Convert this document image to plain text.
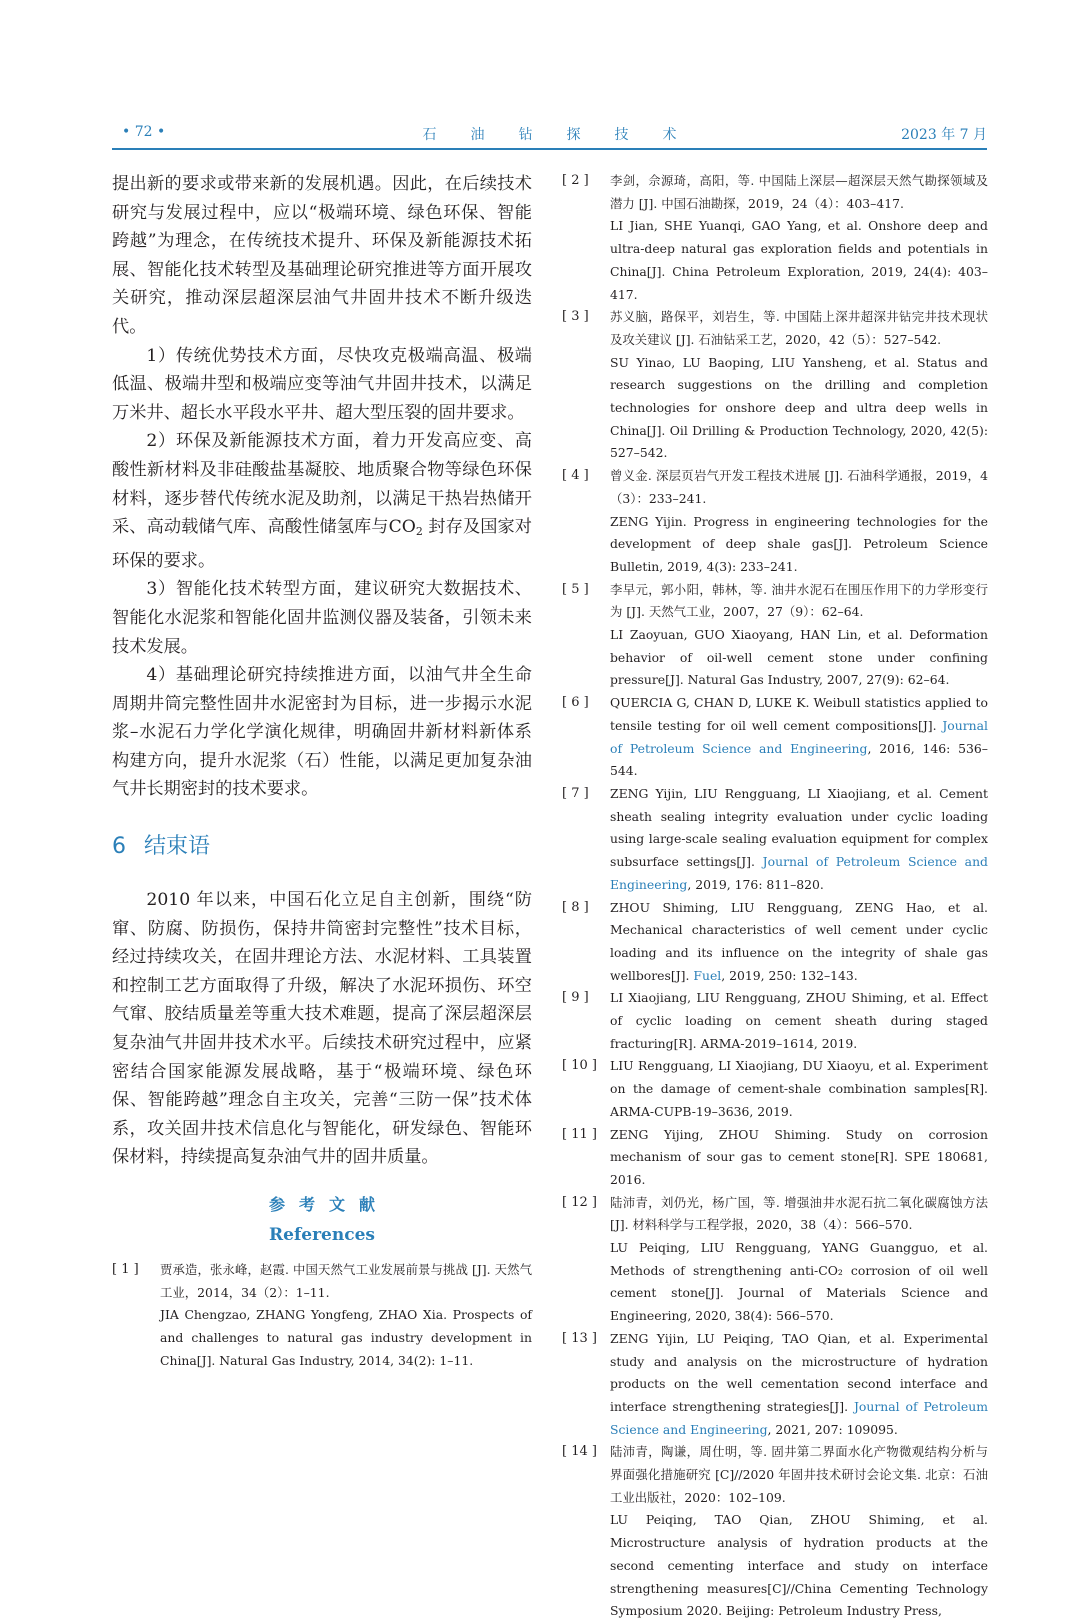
• 72 •	石油钻探技术	2023 年 7 月

提出新的要求或带来新的发展机遇。因此，在后续技术研究与发展过程中，应以“极端环境、绿色环保、智能跨越”为理念，在传统技术提升、环保及新能源技术拓展、智能化技术转型及基础理论研究推进等方面开展攻关研究，推动深层超深层油气井固井技术不断升级迭代。

1）传统优势技术方面，尽快攻克极端高温、极端低温、极端井型和极端应变等油气井固井技术，以满足万米井、超长水平段水平井、超大型压裂的固井要求。

2）环保及新能源技术方面，着力开发高应变、高酸性新材料及非硅酸盐基凝胶、地质聚合物等绿色环保材料，逐步替代传统水泥及助剂，以满足干热岩热储开采、高动载储气库、高酸性储氢库与$CO_2$ 封存及国家对环保的要求。

3）智能化技术转型方面，建议研究大数据技术、智能化水泥浆和智能化固井监测仪器及装备，引领未来技术发展。

4）基础理论研究持续推进方面，以油气井全生命周期井筒完整性固井水泥密封为目标，进一步揭示水泥浆–水泥石力学化学演化规律，明确固井新材料新体系构建方向，提升水泥浆（石）性能，以满足更加复杂油气井长期密封的技术要求。

6 结束语

2010 年以来，中国石化立足自主创新，围绕“防窜、防腐、防损伤，保持井筒密封完整性”技术目标，经过持续攻关，在固井理论方法、水泥材料、工具装置和控制工艺方面取得了升级，解决了水泥环损伤、环空气窜、胶结质量差等重大技术难题，提高了深层超深层复杂油气井固井技术水平。后续技术研究过程中，应紧密结合国家能源发展战略，基于“极端环境、绿色环保、智能跨越”理念自主攻关，完善“三防一保”技术体系，攻关固井技术信息化与智能化，研发绿色、智能环保材料，持续提高复杂油气井的固井质量。

参考文献
References
[ 1 ]	贾承造，张永峰，赵霞. 中国天然气工业发展前景与挑战 [J]. 天然气工业，2014，34（2）：1–11.

JIA Chengzao, ZHANG Yongfeng, ZHAO Xia. Prospects of and challenges to natural gas industry development in China[J]. Natural Gas Industry, 2014, 34(2): 1–11.

[ 2 ]	李剑，佘源琦，高阳，等. 中国陆上深层—超深层天然气勘探领域及潜力 [J]. 中国石油勘探，2019，24（4）：403–417.

LI Jian, SHE Yuanqi, GAO Yang, et al. Onshore deep and ultra-deep natural gas exploration fields and potentials in China[J]. China Petroleum Exploration, 2019, 24(4): 403–417.

[ 3 ]	苏义脑，路保平，刘岩生，等. 中国陆上深井超深井钻完井技术现状及攻关建议 [J]. 石油钻采工艺，2020，42（5）：527–542.

SU Yinao, LU Baoping, LIU Yansheng, et al. Status and research suggestions on the drilling and completion technologies for onshore deep and ultra deep wells in China[J]. Oil Drilling & Production Technology, 2020, 42(5): 527–542.

[ 4 ]	曾义金. 深层页岩气开发工程技术进展 [J]. 石油科学通报，2019，4（3）：233–241.

ZENG Yijin. Progress in engineering technologies for the development of deep shale gas[J]. Petroleum Science Bulletin, 2019, 4(3): 233–241.

[ 5 ]	李早元，郭小阳，韩林，等. 油井水泥石在围压作用下的力学形变行为 [J]. 天然气工业，2007，27（9）：62–64.

LI Zaoyuan, GUO Xiaoyang, HAN Lin, et al. Deformation behavior of oil-well cement stone under confining pressure[J]. Natural Gas Industry, 2007, 27(9): 62–64.

[ 6 ]	QUERCIA G, CHAN D, LUKE K. Weibull statistics applied to tensile testing for oil well cement compositions[J]. Journal of Petroleum Science and Engineering, 2016, 146: 536–544.

[ 7 ]	ZENG Yijin, LIU Rengguang, LI Xiaojiang, et al. Cement sheath sealing integrity evaluation under cyclic loading using large-scale sealing evaluation equipment for complex subsurface settings[J]. Journal of Petroleum Science and Engineering, 2019, 176: 811–820.

[ 8 ]	ZHOU Shiming, LIU Rengguang, ZENG Hao, et al. Mechanical characteristics of well cement under cyclic loading and its influence on the integrity of shale gas wellbores[J]. Fuel, 2019, 250: 132–143.

[ 9 ]	LI Xiaojiang, LIU Rengguang, ZHOU Shiming, et al. Effect of cyclic loading on cement sheath during staged fracturing[R]. ARMA-2019–1614, 2019.

[ 10 ]	LIU Rengguang, LI Xiaojiang, DU Xiaoyu, et al. Experiment on the damage of cement-shale combination samples[R]. ARMA-CUPB-19–3636, 2019.

[ 11 ]	ZENG Yijing, ZHOU Shiming. Study on corrosion mechanism of sour gas to cement stone[R]. SPE 180681, 2016.

[ 12 ]	陆沛青，刘仍光，杨广国，等. 增强油井水泥石抗二氧化碳腐蚀方法 [J]. 材料科学与工程学报，2020，38（4）：566–570.

LU Peiqing, LIU Rengguang, YANG Guangguo, et al. Methods of strengthening anti-CO₂ corrosion of oil well cement stone[J]. Journal of Materials Science and Engineering, 2020, 38(4): 566–570.

[ 13 ]	ZENG Yijin, LU Peiqing, TAO Qian, et al. Experimental study and analysis on the microstructure of hydration products on the well cementation second interface and interface strengthening strategies[J]. Journal of Petroleum Science and Engineering, 2021, 207: 109095.

[ 14 ]	陆沛青，陶谦，周仕明，等. 固井第二界面水化产物微观结构分析与界面强化措施研究 [C]//2020 年固井技术研讨会论文集. 北京：石油工业出版社，2020：102–109.

LU Peiqing, TAO Qian, ZHOU Shiming, et al. Microstructure analysis of hydration products at the second cementing interface and study on interface strengthening measures[C]//China Cementing Technology Symposium 2020. Beijing: Petroleum Industry Press,
